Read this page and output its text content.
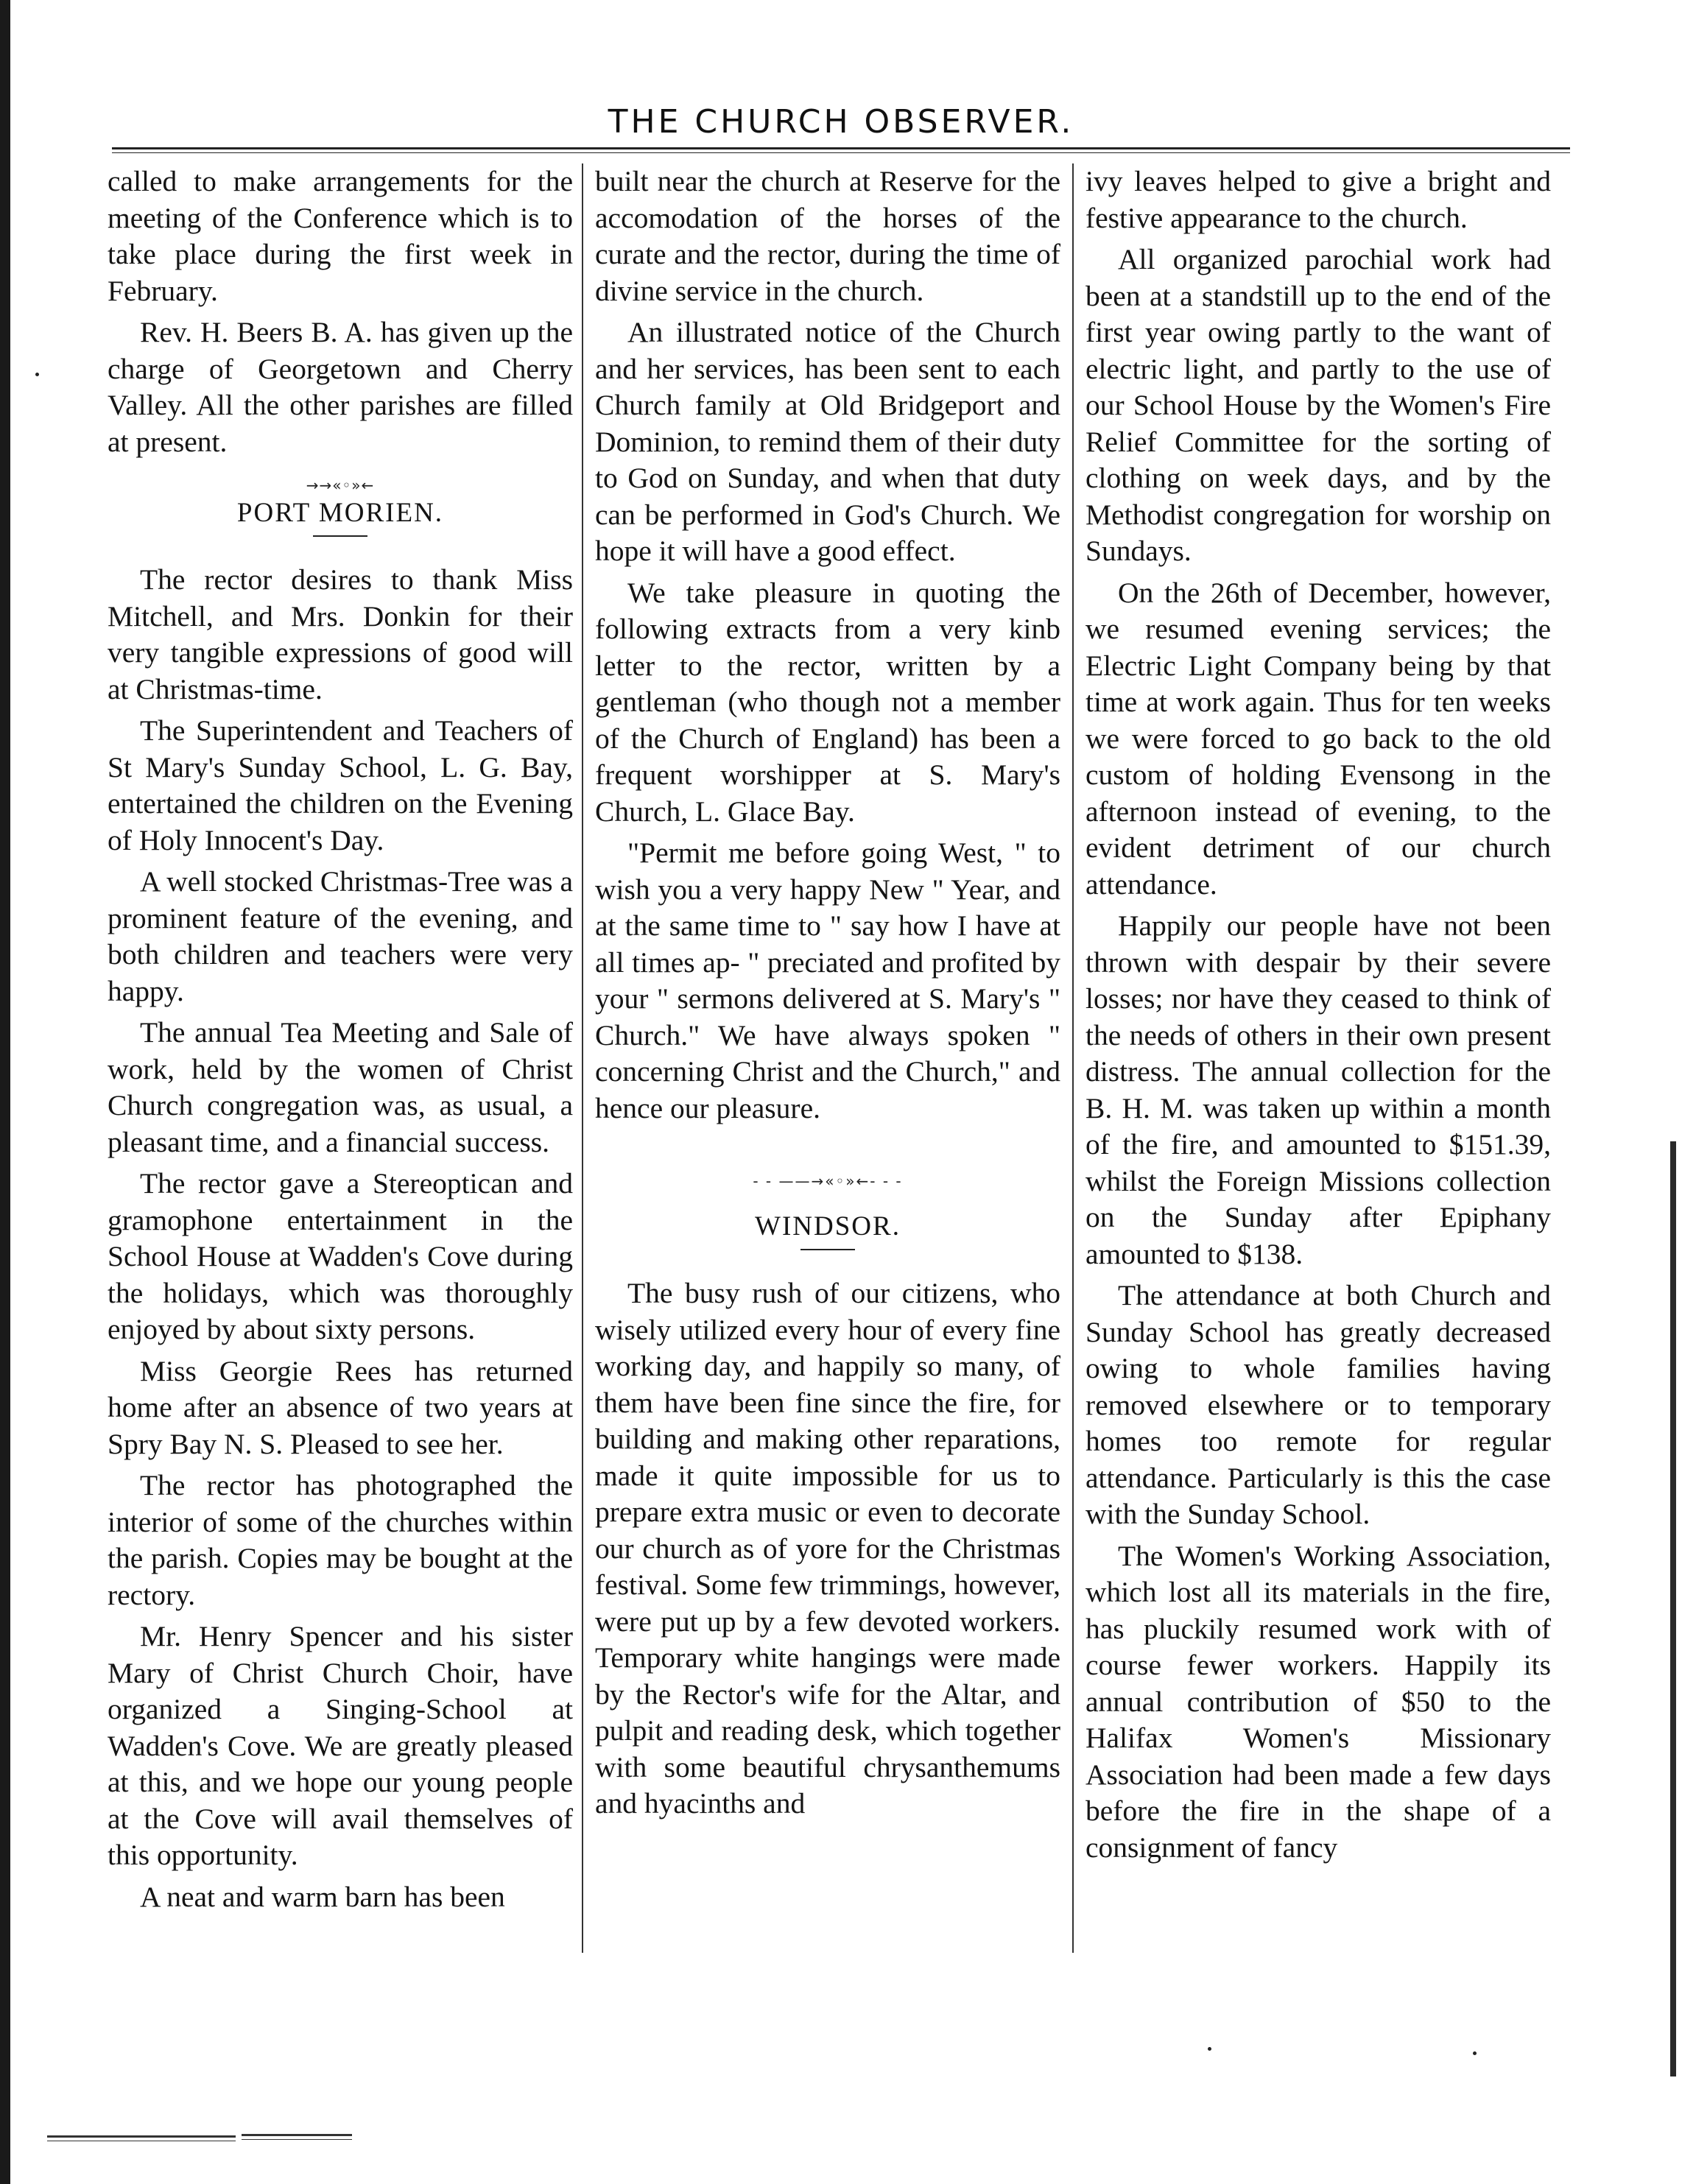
THE CHURCH OBSERVER.

called to make arrangements for the meeting of the Conference which is to take place during the first week in February.

Rev. H. Beers B. A. has given up the charge of Georgetown and Cherry Valley. All the other parishes are filled at present.

→→«◦»←
PORT MORIEN.

The rector desires to thank Miss Mitchell, and Mrs. Donkin for their very tangible expressions of good will at Christmas-time.

The Superintendent and Teachers of St Mary's Sunday School, L. G. Bay, entertained the children on the Evening of Holy Innocent's Day.

A well stocked Christmas-Tree was a prominent feature of the evening, and both children and teachers were very happy.

The annual Tea Meeting and Sale of work, held by the women of Christ Church congregation was, as usual, a pleasant time, and a financial success.

The rector gave a Stereoptican and gramophone entertainment in the School House at Wadden's Cove during the holidays, which was thoroughly enjoyed by about sixty persons.

Miss Georgie Rees has returned home after an absence of two years at Spry Bay N. S. Pleased to see her.

The rector has photographed the interior of some of the churches within the parish. Copies may be bought at the rectory.

Mr. Henry Spencer and his sister Mary of Christ Church Choir, have organized a Singing-School at Wadden's Cove. We are greatly pleased at this, and we hope our young people at the Cove will avail themselves of this opportunity.

A neat and warm barn has been

built near the church at Reserve for the accomodation of the horses of the curate and the rector, during the time of divine service in the church.

An illustrated notice of the Church and her services, has been sent to each Church family at Old Bridgeport and Dominion, to remind them of their duty to God on Sunday, and when that duty can be performed in God's Church. We hope it will have a good effect.

We take pleasure in quoting the following extracts from a very kinb letter to the rector, written by a gentleman (who though not a member of the Church of England) has been a frequent worshipper at S. Mary's Church, L. Glace Bay.

"Permit me before going West, " to wish you a very happy New " Year, and at the same time to " say how I have at all times ap- " preciated and profited by your " sermons delivered at S. Mary's " Church." We have always spoken " concerning Christ and the Church," and hence our pleasure.

- - ——→«◦»←- - -
WINDSOR.

The busy rush of our citizens, who wisely utilized every hour of every fine working day, and happily so many, of them have been fine since the fire, for building and making other reparations, made it quite impossible for us to prepare extra music or even to decorate our church as of yore for the Christmas festival. Some few trimmings, however, were put up by a few devoted workers. Temporary white hangings were made by the Rector's wife for the Altar, and pulpit and reading desk, which together with some beautiful chrysanthemums and hyacinths and

ivy leaves helped to give a bright and festive appearance to the church.

All organized parochial work had been at a standstill up to the end of the first year owing partly to the want of electric light, and partly to the use of our School House by the Women's Fire Relief Committee for the sorting of clothing on week days, and by the Methodist congregation for worship on Sundays.

On the 26th of December, however, we resumed evening services; the Electric Light Company being by that time at work again. Thus for ten weeks we were forced to go back to the old custom of holding Evensong in the afternoon instead of evening, to the evident detriment of our church attendance.

Happily our people have not been thrown with despair by their severe losses; nor have they ceased to think of the needs of others in their own present distress. The annual collection for the B. H. M. was taken up within a month of the fire, and amounted to $151.39, whilst the Foreign Missions collection on the Sunday after Epiphany amounted to $138.

The attendance at both Church and Sunday School has greatly decreased owing to whole families having removed elsewhere or to temporary homes too remote for regular attendance. Particularly is this the case with the Sunday School.

The Women's Working Association, which lost all its materials in the fire, has pluckily resumed work with of course fewer workers. Happily its annual contribution of $50 to the Halifax Women's Missionary Association had been made a few days before the fire in the shape of a consignment of fancy
